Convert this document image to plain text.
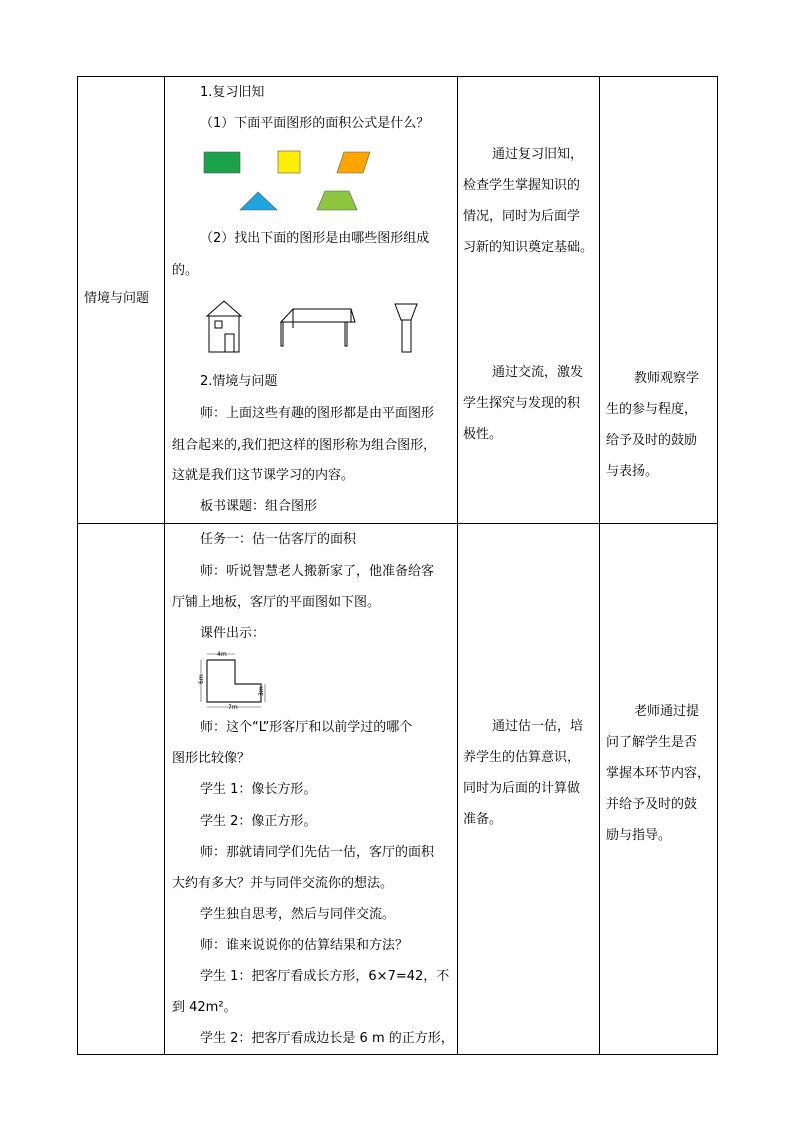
情境与问题
1.复习旧知
（1）下面平面图形的面积公式是什么？
（2）找出下面的图形是由哪些图形组成
的。
2.情境与问题
师：上面这些有趣的图形都是由平面图形
组合起来的,我们把这样的图形称为组合图形，
这就是我们这节课学习的内容。
板书课题：组合图形
通过复习旧知，
检查学生掌握知识的
情况，同时为后面学
习新的知识奠定基础。
通过交流，激发
学生探究与发现的积
极性。
教师观察学
生的参与程度，
给予及时的鼓励
与表扬。
任务一：估一估客厅的面积
师：听说智慧老人搬新家了，他准备给客
厅铺上地板，客厅的平面图如下图。
课件出示：
4m
6m
3m
7m
师：这个“L”形客厅和以前学过的哪个
图形比较像？
学生 1：像长方形。
学生 2：像正方形。
师：那就请同学们先估一估，客厅的面积
大约有多大？并与同伴交流你的想法。
学生独自思考，然后与同伴交流。
师：谁来说说你的估算结果和方法？
学生 1：把客厅看成长方形，6×7=42，不
到 42m²。
学生 2：把客厅看成边长是 6 m 的正方形，
通过估一估，培
养学生的估算意识，
同时为后面的计算做
准备。
老师通过提
问了解学生是否
掌握本环节内容，
并给予及时的鼓
励与指导。
